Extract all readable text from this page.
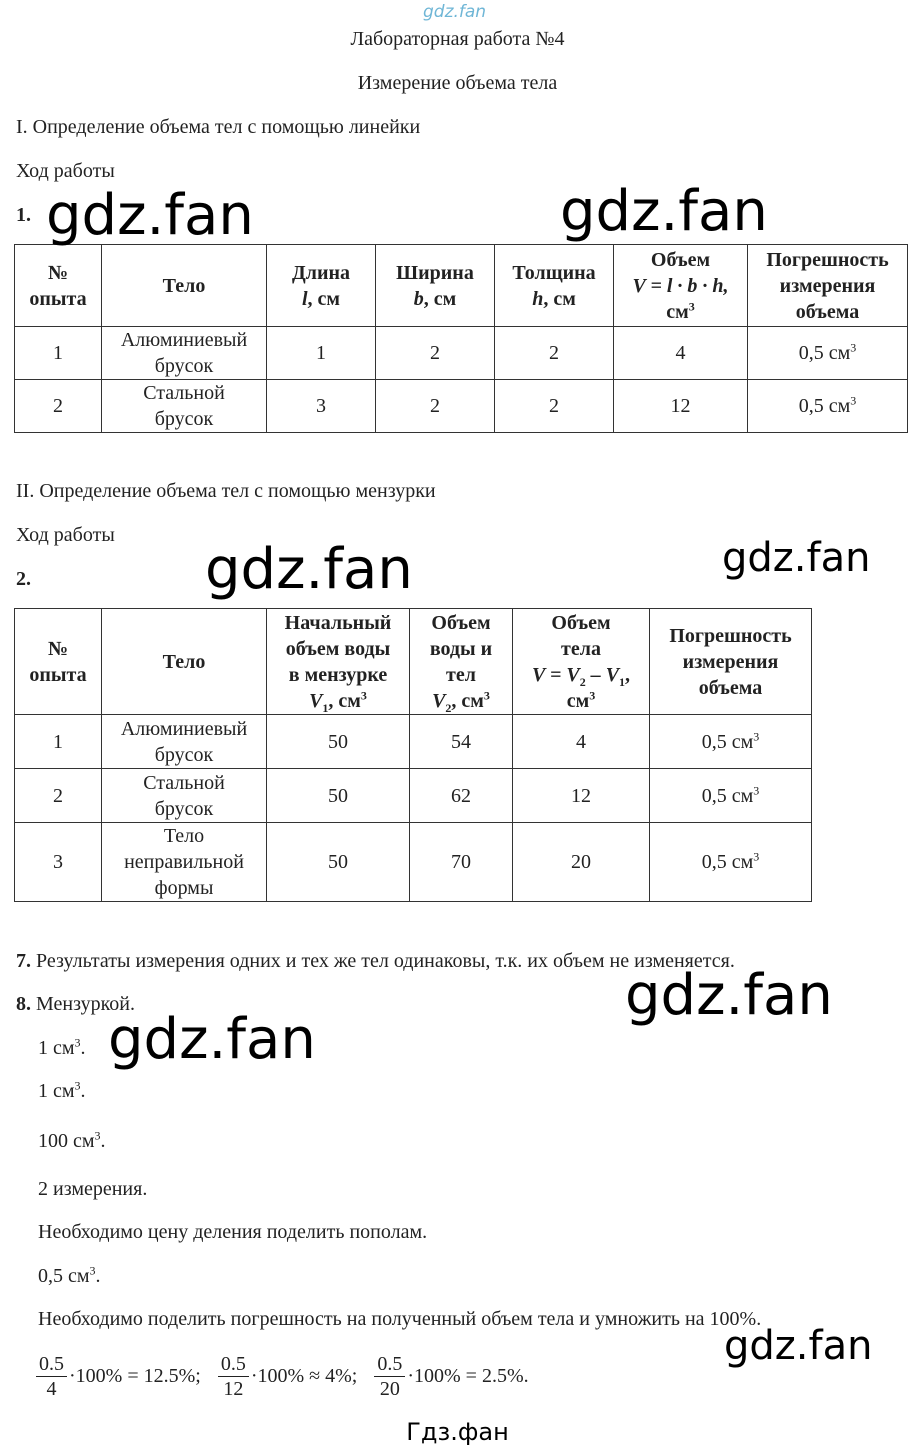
gdz.fan
Лабораторная работа №4
Измерение объема тела
I. Определение объема тел с помощью линейки
Ход работы
1.
№
опыта	Тело	Длина
l, см	Ширина
b, см	Толщина
h, см	Объем
V = l · b · h,
$см^3$	Погрешность
измерения
объема
1	Алюминиевый
брусок	1	2	2	4	0,5 $см^3$
2	Стальной
брусок	3	2	2	12	0,5 $см^3$
II. Определение объема тел с помощью мензурки
Ход работы
2.
№
опыта	Тело	Начальный
объем воды
в мензурке
$V_1$, $см^3$	Объем
воды и
тел
$V_2$, $см^3$	Объем
тела
$V = V_2 - V_1$,
$см^3$	Погрешность
измерения
объема
1	Алюминиевый
брусок	50	54	4	0,5 $см^3$
2	Стальной
брусок	50	62	12	0,5 $см^3$
3	Тело
неправильной
формы	50	70	20	0,5 $см^3$
7. Результаты измерения одних и тех же тел одинаковы, т.к. их объем не изменяется.
8. Мензуркой.
1 $см^3$.
1 $см^3$.
100 $см^3$.
2 измерения.
Необходимо цену деления поделить пополам.
0,5 $см^3$.
Необходимо поделить погрешность на полученный объем тела и умножить на 100%.
$\frac{0.5}{4} \cdot 100\% = 12.5\%$; $\frac{0.5}{12} \cdot 100\% \approx 4\%$; $\frac{0.5}{20} \cdot 100\% = 2.5\%$.
gdz.fan	gdz.fan
gdz.fan	gdz.fan
gdz.fan
gdz.fan
gdz.fan
Гдз.фан
